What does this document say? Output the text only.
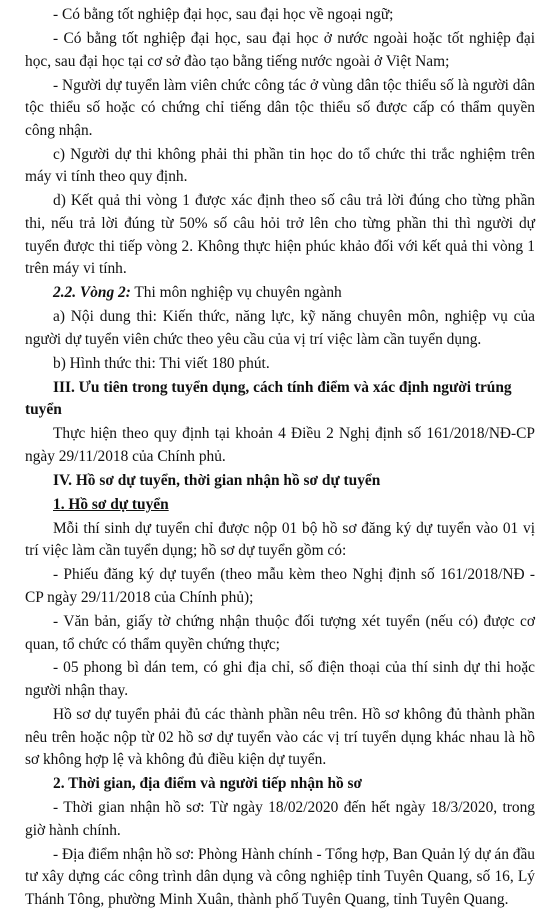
- Có bằng tốt nghiệp đại học, sau đại học về ngoại ngữ;

- Có bằng tốt nghiệp đại học, sau đại học ở nước ngoài hoặc tốt nghiệp đại học, sau đại học tại cơ sở đào tạo bằng tiếng nước ngoài ở Việt Nam;

- Người dự tuyển làm viên chức công tác ở vùng dân tộc thiểu số là người dân tộc thiểu số hoặc có chứng chỉ tiếng dân tộc thiểu số được cấp có thẩm quyền công nhận.

c) Người dự thi không phải thi phần tin học do tổ chức thi trắc nghiệm trên máy vi tính theo quy định.

d) Kết quả thi vòng 1 được xác định theo số câu trả lời đúng cho từng phần thi, nếu trả lời đúng từ 50% số câu hỏi trở lên cho từng phần thi thì người dự tuyển được thi tiếp vòng 2. Không thực hiện phúc khảo đối với kết quả thi vòng 1 trên máy vi tính.

2.2. Vòng 2: Thi môn nghiệp vụ chuyên ngành

a) Nội dung thi: Kiến thức, năng lực, kỹ năng chuyên môn, nghiệp vụ của người dự tuyển viên chức theo yêu cầu của vị trí việc làm cần tuyển dụng.

b) Hình thức thi: Thi viết 180 phút.

III. Ưu tiên trong tuyển dụng, cách tính điểm và xác định người trúng tuyển

Thực hiện theo quy định tại khoản 4 Điều 2 Nghị định số 161/2018/NĐ-CP ngày 29/11/2018 của Chính phủ.

IV. Hồ sơ dự tuyển, thời gian nhận hồ sơ dự tuyển

1. Hồ sơ dự tuyển

Mỗi thí sinh dự tuyển chỉ được nộp 01 bộ hồ sơ đăng ký dự tuyển vào 01 vị trí việc làm cần tuyển dụng; hồ sơ dự tuyển gồm có:

- Phiếu đăng ký dự tuyển (theo mẫu kèm theo Nghị định số 161/2018/NĐ - CP ngày 29/11/2018 của Chính phủ);

- Văn bản, giấy tờ chứng nhận thuộc đối tượng xét tuyển (nếu có) được cơ quan, tổ chức có thẩm quyền chứng thực;

- 05 phong bì dán tem, có ghi địa chỉ, số điện thoại của thí sinh dự thi hoặc người nhận thay.

Hồ sơ dự tuyển phải đủ các thành phần nêu trên. Hồ sơ không đủ thành phần nêu trên hoặc nộp từ 02 hồ sơ dự tuyển vào các vị trí tuyển dụng khác nhau là hồ sơ không hợp lệ và không đủ điều kiện dự tuyển.

2. Thời gian, địa điểm và người tiếp nhận hồ sơ

- Thời gian nhận hồ sơ: Từ ngày 18/02/2020 đến hết ngày 18/3/2020, trong giờ hành chính.

- Địa điểm nhận hồ sơ: Phòng Hành chính - Tổng hợp, Ban Quản lý dự án đầu tư xây dựng các công trình dân dụng và công nghiệp tỉnh Tuyên Quang, số 16, Lý Thánh Tông, phường Minh Xuân, thành phố Tuyên Quang, tỉnh Tuyên Quang.
